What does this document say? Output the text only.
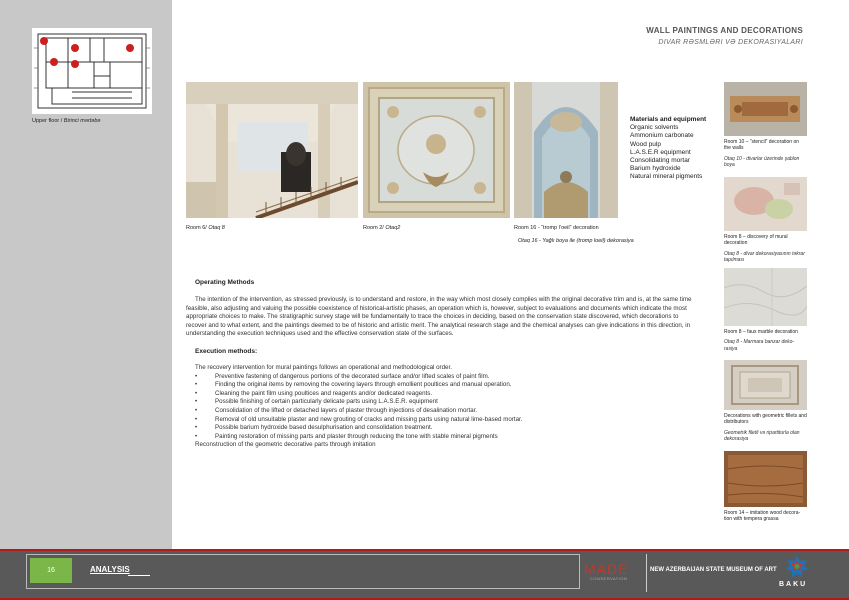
Upper floor / Birinci mərtəbə
WALL PAINTINGS AND DECORATIONS
DIVAR RƏSMLƏRI VƏ DEKORASIYALARI
Room 6/ Otaq 8	Room 2/ Otaq2	Room 16 - “tromp l’oeil” decoration
Otaq 16 - Yağlı boya ile (tromp loeil) dekorasiya
Materials and equipment
Organic solvents
Ammonium carbonate
Wood pulp
L.A.S.E.R equipment
Consolidating mortar
Barium hydroxide
Natural mineral pigments
Operating Methods

The intention of the intervention, as stressed previously, is to understand and restore, in the way which most closely complies with the original decorative trim and is, at the same time feasible, also adjusting and valuing the possible coexistence of historical-artistic phases, an operation which is, however, subject to evaluations and documents which indicate the most appropriate choices to make. The stratigraphic survey stage will be fundamentally to trace the choices in deciding, based on the conservation state discovered, which decorations to recover and to what extent, and the paintings deemed to be of historic and artistic merit. The analytical research stage and the chemical analyses can give indications in this direction, in understanding the execution techniques used and the effective conservation state of the surfaces.

Execution methods:
The recovery intervention for mural paintings follows an operational and methodological order.
•	Preventive fastening of dangerous portions of the decorated surface and/or lifted scales of paint film.
•	Finding the original items by removing the covering layers through emollient poultices and manual operation.
•	Cleaning the paint film using poultices and reagents and/or dedicated reagents.
•	Possible finishing of certain particularly delicate parts using L.A.S.E.R. equipment
•	Consolidation of the lifted or detached layers of plaster through injections of desalination mortar.
•	Removal of old unsuitable plaster and new grouting of cracks and missing parts using natural lime-based mortar.
•	Possible barium hydroxide based desulphurisation and consolidation treatment.
•	Painting restoration of missing parts and plaster through reducing the tone with stable mineral pigments
Reconstruction of the geometric decorative parts through imitation
Room 10 – “stencil” decoration on the walls
Otaq 10 - divarlar üzerinde şablon boya
Room 8 – discovery of mural decoration
Otaq 8 - divar dekorasiyasının təkrar tapılması
Room 8 – faux marble decoration
Otaq 8 - Marmara banzar deko-rasiya
Decorations with geometric fillets and distributors
Geometrik filetli və ripartiturla olan dekorasiya
Room 14 – imitation wood decora-tion with tempera grassa
16	ANALYSIS	MADE
CONSERVATION
NEW AZERBAIJAN STATE MUSEUM OF ART
BAKU
